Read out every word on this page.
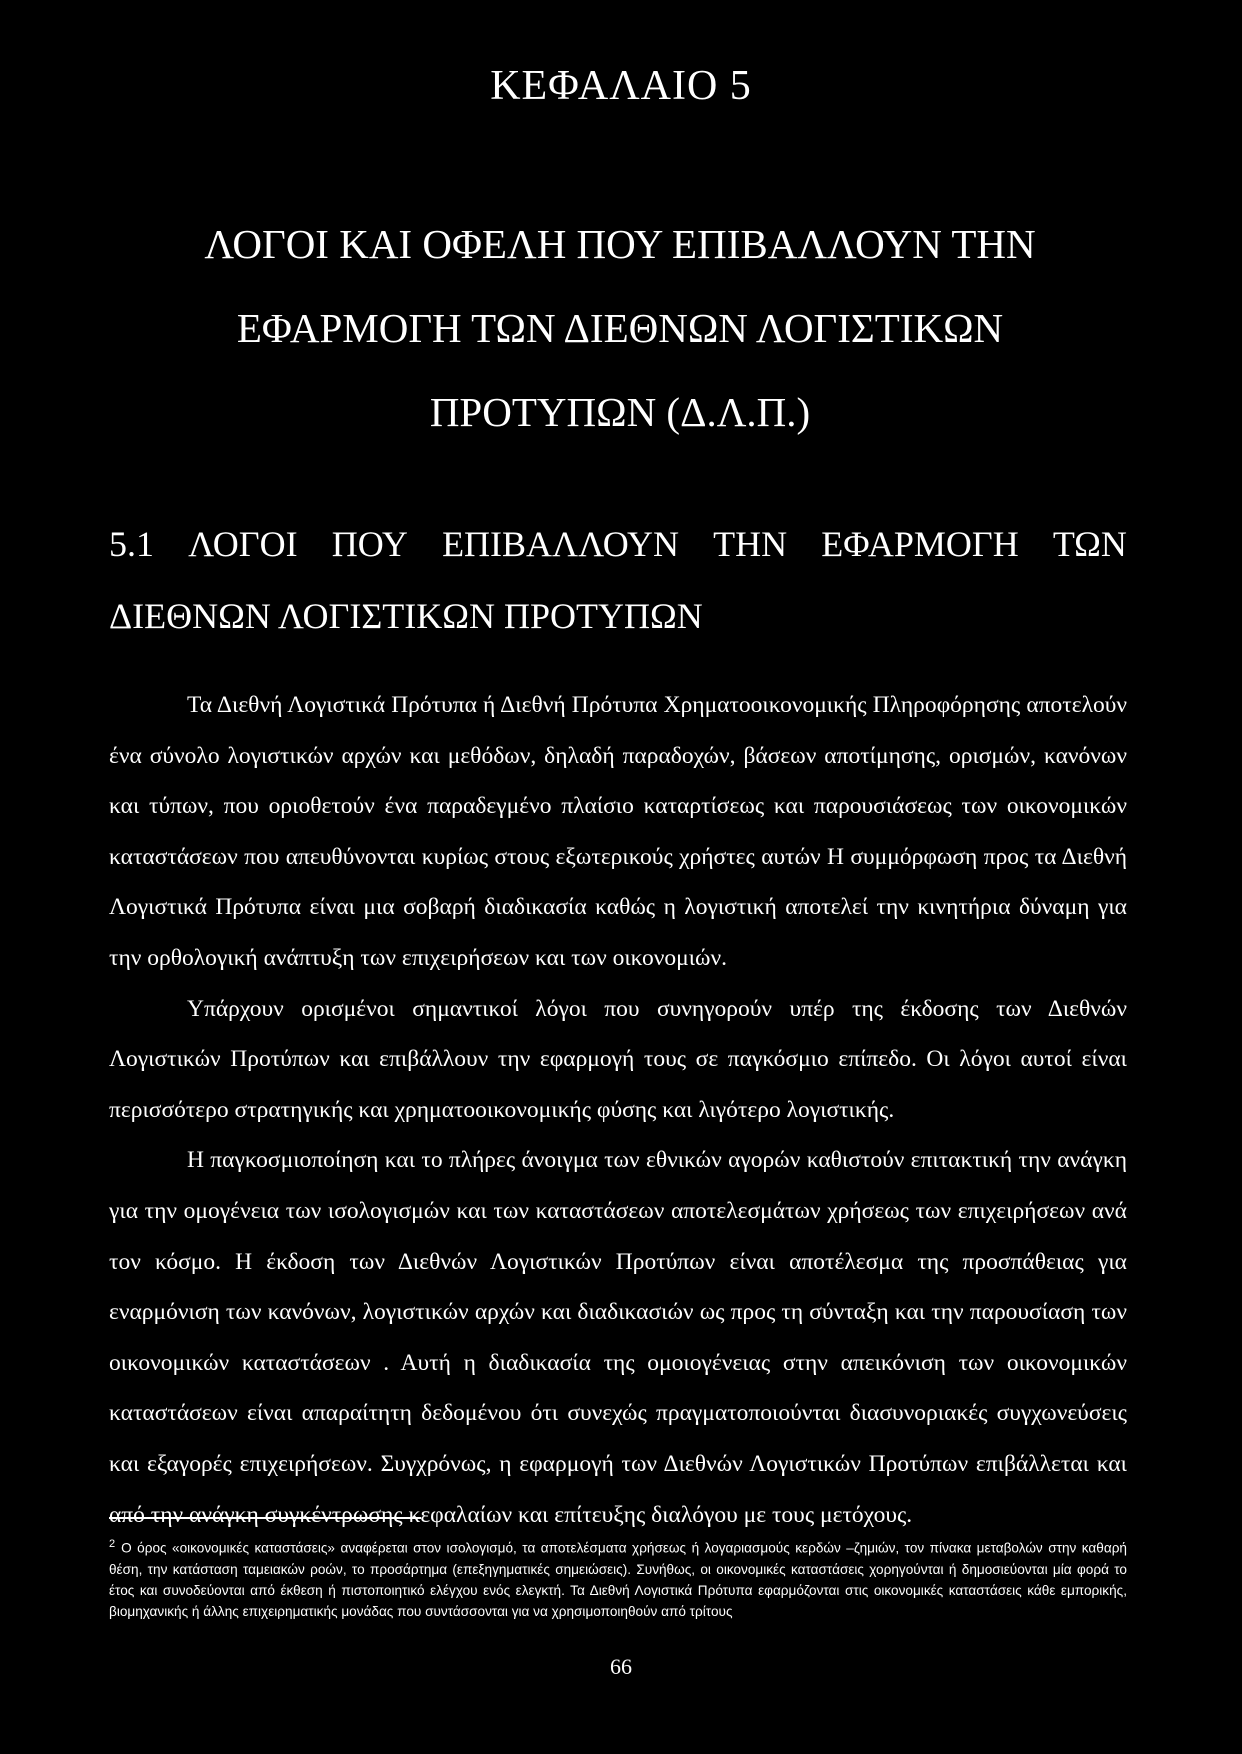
ΚΕΦΑΛΑΙΟ 5
ΛΟΓΟΙ ΚΑΙ ΟΦΕΛΗ ΠΟΥ ΕΠΙΒΑΛΛΟΥΝ ΤΗΝ
ΕΦΑΡΜΟΓΗ ΤΩΝ ΔΙΕΘΝΩΝ ΛΟΓΙΣΤΙΚΩΝ
ΠΡΟΤΥΠΩΝ (Δ.Λ.Π.)
5.1 ΛΟΓΟΙ ΠΟΥ ΕΠΙΒΑΛΛΟΥΝ ΤΗΝ ΕΦΑΡΜΟΓΗ ΤΩΝ
ΔΙΕΘΝΩΝ ΛΟΓΙΣΤΙΚΩΝ ΠΡΟΤΥΠΩΝ

Τα Διεθνή Λογιστικά Πρότυπα ή Διεθνή Πρότυπα Χρηματοοικονομικής Πληροφόρησης αποτελούν ένα σύνολο λογιστικών αρχών και μεθόδων, δηλαδή παραδοχών, βάσεων αποτίμησης, ορισμών, κανόνων και τύπων, που οριοθετούν ένα παραδεγμένο πλαίσιο καταρτίσεως και παρουσιάσεως των οικονομικών καταστάσεων που απευθύνονται κυρίως στους εξωτερικούς χρήστες αυτών Η συμμόρφωση προς τα Διεθνή Λογιστικά Πρότυπα είναι μια σοβαρή διαδικασία καθώς η λογιστική αποτελεί την κινητήρια δύναμη για την ορθολογική ανάπτυξη των επιχειρήσεων και των οικονομιών.

Υπάρχουν ορισμένοι σημαντικοί λόγοι που συνηγορούν υπέρ της έκδοσης των Διεθνών Λογιστικών Προτύπων και επιβάλλουν την εφαρμογή τους σε παγκόσμιο επίπεδο. Οι λόγοι αυτοί είναι περισσότερο στρατηγικής και χρηματοοικονομικής φύσης και λιγότερο λογιστικής.

Η παγκοσμιοποίηση και το πλήρες άνοιγμα των εθνικών αγορών καθιστούν επιτακτική την ανάγκη για την ομογένεια των ισολογισμών και των καταστάσεων αποτελεσμάτων χρήσεως των επιχειρήσεων ανά τον κόσμο. Η έκδοση των Διεθνών Λογιστικών Προτύπων είναι αποτέλεσμα της προσπάθειας για εναρμόνιση των κανόνων, λογιστικών αρχών και διαδικασιών ως προς τη σύνταξη και την παρουσίαση των οικονομικών καταστάσεων . Αυτή η διαδικασία της ομοιογένειας στην απεικόνιση των οικονομικών καταστάσεων είναι απαραίτητη δεδομένου ότι συνεχώς πραγματοποιούνται διασυνοριακές συγχωνεύσεις και εξαγορές επιχειρήσεων. Συγχρόνως, η εφαρμογή των Διεθνών Λογιστικών Προτύπων επιβάλλεται και από την ανάγκη συγκέντρωσης κεφαλαίων και επίτευξης διαλόγου με τους μετόχους.

$^2$ Ο όρος «οικονομικές καταστάσεις» αναφέρεται στον ισολογισμό, τα αποτελέσματα χρήσεως ή λογαριασμούς κερδών –ζημιών, τον πίνακα μεταβολών στην καθαρή θέση, την κατάσταση ταμειακών ροών, το προσάρτημα (επεξηγηματικές σημειώσεις). Συνήθως, οι οικονομικές καταστάσεις χορηγούνται ή δημοσιεύονται μία φορά το έτος και συνοδεύονται από έκθεση ή πιστοποιητικό ελέγχου ενός ελεγκτή. Τα Διεθνή Λογιστικά Πρότυπα εφαρμόζονται στις οικονομικές καταστάσεις κάθε εμπορικής, βιομηχανικής ή άλλης επιχειρηματικής μονάδας που συντάσσονται για να χρησιμοποιηθούν από τρίτους
66
